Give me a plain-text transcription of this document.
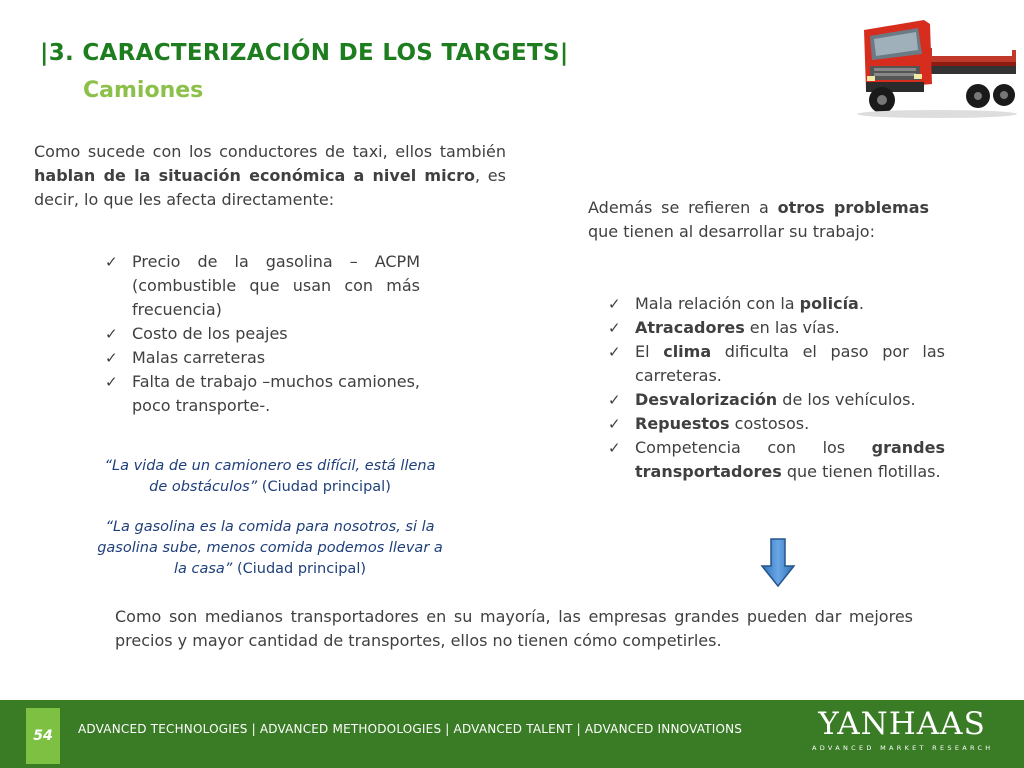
|3. CARACTERIZACIÓN DE LOS TARGETS|
Camiones
Como sucede con los conductores de taxi, ellos también hablan de la situación económica a nivel micro, es decir, lo que les afecta directamente:
✓ Precio de la gasolina – ACPM (combustible que usan con más frecuencia)
✓ Costo de los peajes
✓ Malas carreteras
✓ Falta de trabajo –muchos camiones, poco transporte-.
“La vida de un camionero es difícil, está llena de obstáculos” (Ciudad principal)
“La gasolina es la comida para nosotros, si la gasolina sube, menos comida podemos llevar a la casa” (Ciudad principal)
Además se refieren a otros problemas que tienen al desarrollar su trabajo:
✓ Mala relación con la policía.
✓ Atracadores en las vías.
✓ El clima dificulta el paso por las carreteras.
✓ Desvalorización de los vehículos.
✓ Repuestos costosos.
✓ Competencia con los grandes transportadores que tienen flotillas.
Como son medianos transportadores en su mayoría, las empresas grandes pueden dar mejores precios y mayor cantidad de transportes, ellos no tienen cómo competirles.
54	ADVANCED TECHNOLOGIES | ADVANCED METHODOLOGIES | ADVANCED TALENT | ADVANCED INNOVATIONS YANHAAS
ADVANCED MARKET RESEARCH
